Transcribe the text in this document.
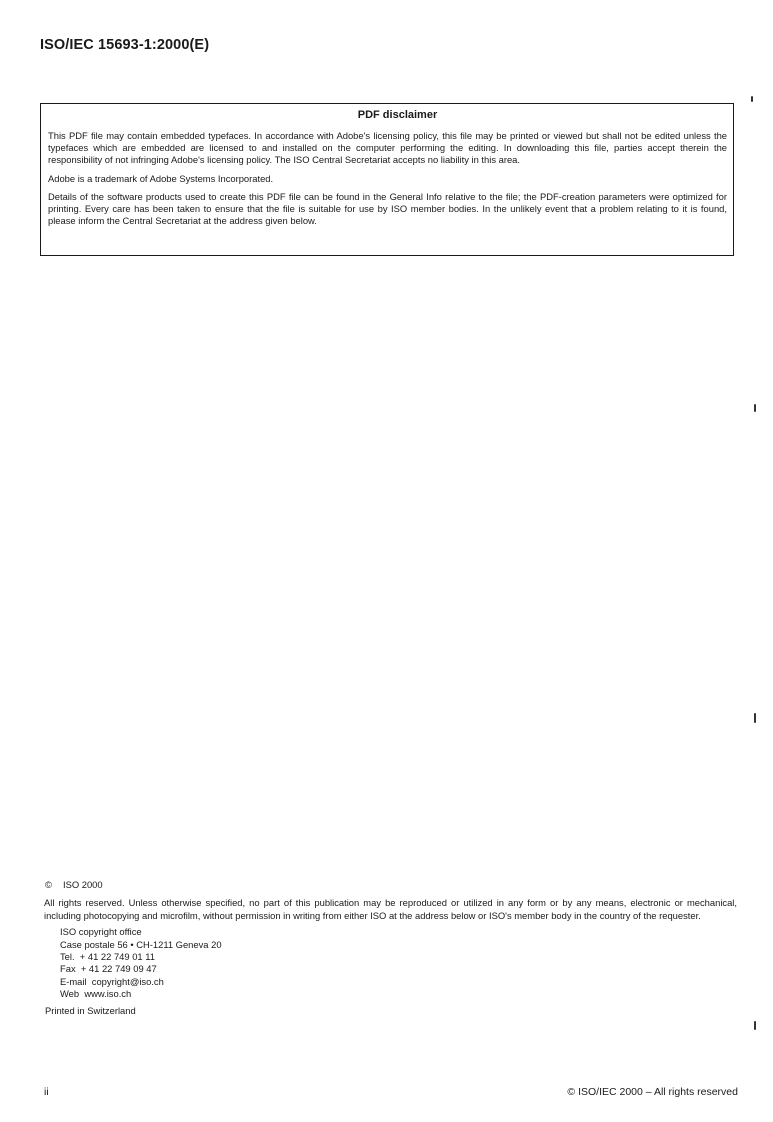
ISO/IEC 15693-1:2000(E)
PDF disclaimer

This PDF file may contain embedded typefaces. In accordance with Adobe's licensing policy, this file may be printed or viewed but shall not be edited unless the typefaces which are embedded are licensed to and installed on the computer performing the editing. In downloading this file, parties accept therein the responsibility of not infringing Adobe's licensing policy. The ISO Central Secretariat accepts no liability in this area.

Adobe is a trademark of Adobe Systems Incorporated.

Details of the software products used to create this PDF file can be found in the General Info relative to the file; the PDF-creation parameters were optimized for printing. Every care has been taken to ensure that the file is suitable for use by ISO member bodies. In the unlikely event that a problem relating to it is found, please inform the Central Secretariat at the address given below.

© ISO 2000

All rights reserved. Unless otherwise specified, no part of this publication may be reproduced or utilized in any form or by any means, electronic or mechanical, including photocopying and microfilm, without permission in writing from either ISO at the address below or ISO's member body in the country of the requester.

ISO copyright office
Case postale 56 • CH-1211 Geneva 20
Tel.  + 41 22 749 01 11
Fax  + 41 22 749 09 47
E-mail  copyright@iso.ch
Web  www.iso.ch

Printed in Switzerland

ii	© ISO/IEC 2000 – All rights reserved
